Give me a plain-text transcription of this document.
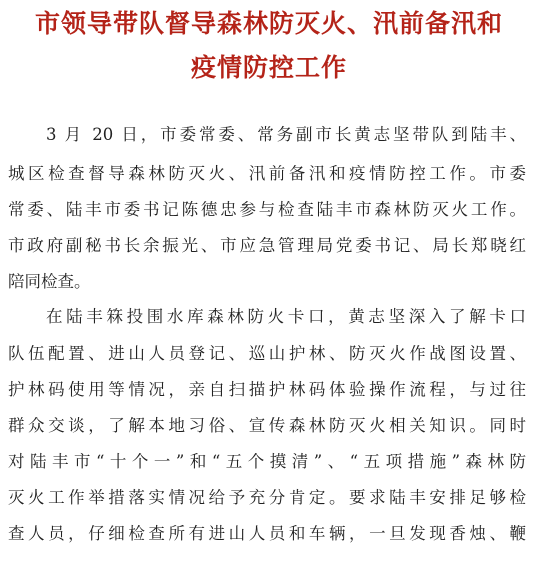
市领导带队督导森林防灭火、汛前备汛和
疫情防控工作
3 月 20 日，市委常委、常务副市长黄志坚带队到陆丰、
城区检查督导森林防灭火、汛前备汛和疫情防控工作。市委
常委、陆丰市委书记陈德忠参与检查陆丰市森林防灭火工作。
市政府副秘书长余振光、市应急管理局党委书记、局长郑晓红
陪同检查。
在陆丰箖投围水库森林防火卡口，黄志坚深入了解卡口
队伍配置、进山人员登记、巡山护林、防灭火作战图设置、
护林码使用等情况，亲自扫描护林码体验操作流程，与过往
群众交谈，了解本地习俗、宣传森林防灭火相关知识。同时
对陆丰市“十个一”和“五个摸清”、“五项措施”森林防
灭火工作举措落实情况给予充分肯定。要求陆丰安排足够检
查人员，仔细检查所有进山人员和车辆，一旦发现香烛、鞭
